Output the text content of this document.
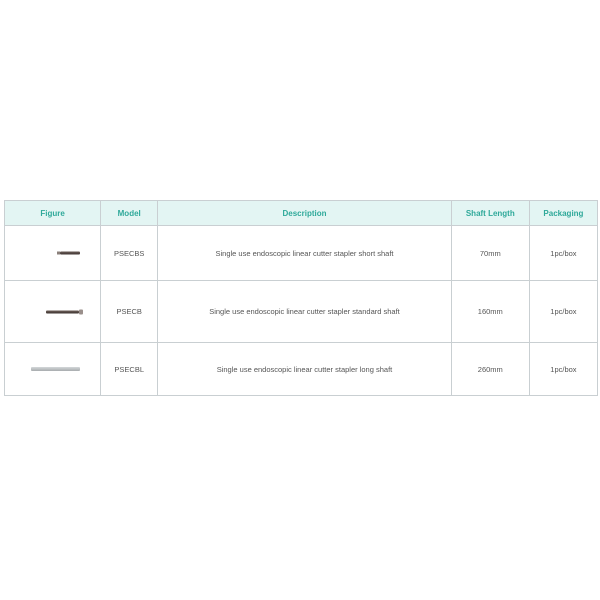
Figure	Model	Description	Shaft Length	Packaging

	PSECBS	Single use endoscopic linear cutter stapler short shaft	70mm	1pc/box

	PSECB	Single use endoscopic linear cutter stapler standard shaft	160mm	1pc/box

	PSECBL	Single use endoscopic linear cutter stapler long shaft	260mm	1pc/box
